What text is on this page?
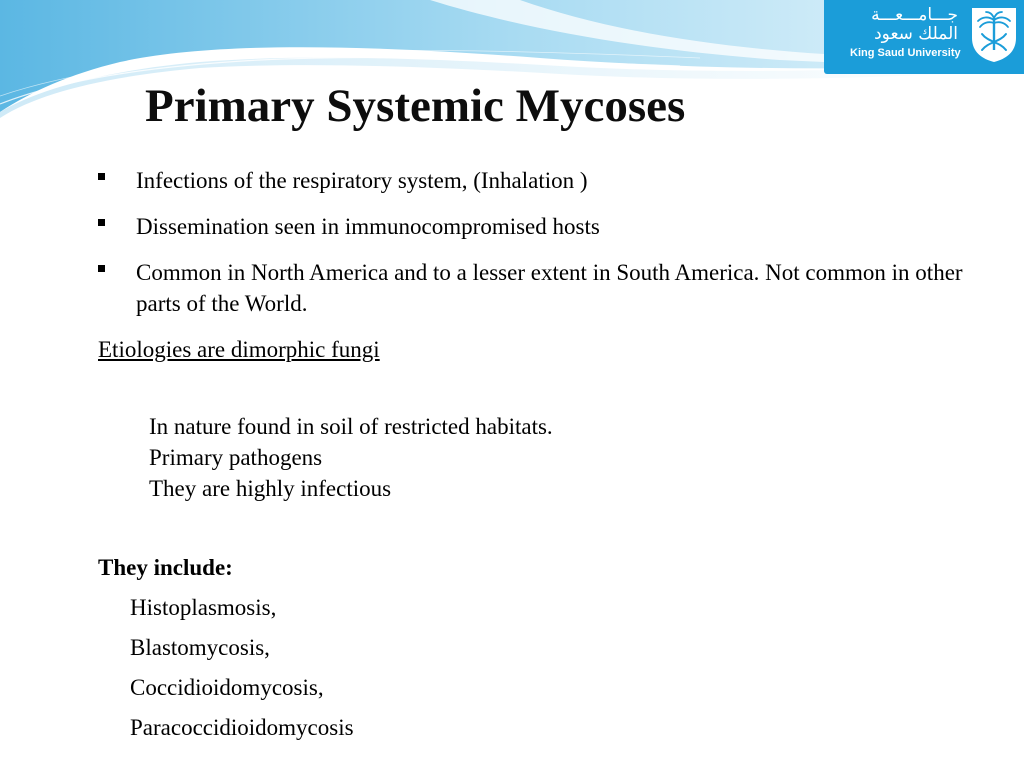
جـــامـــعـــة
الملك سعود
King Saud University
Primary Systemic Mycoses
Infections of the respiratory system, (Inhalation )
Dissemination seen in immunocompromised hosts
Common in North America and to a lesser extent in South America. Not common in other parts of the World.
Etiologies are dimorphic fungi
In nature found in soil of restricted habitats.
Primary pathogens
They are highly infectious
They include:
Histoplasmosis,
Blastomycosis,
Coccidioidomycosis,
Paracoccidioidomycosis
